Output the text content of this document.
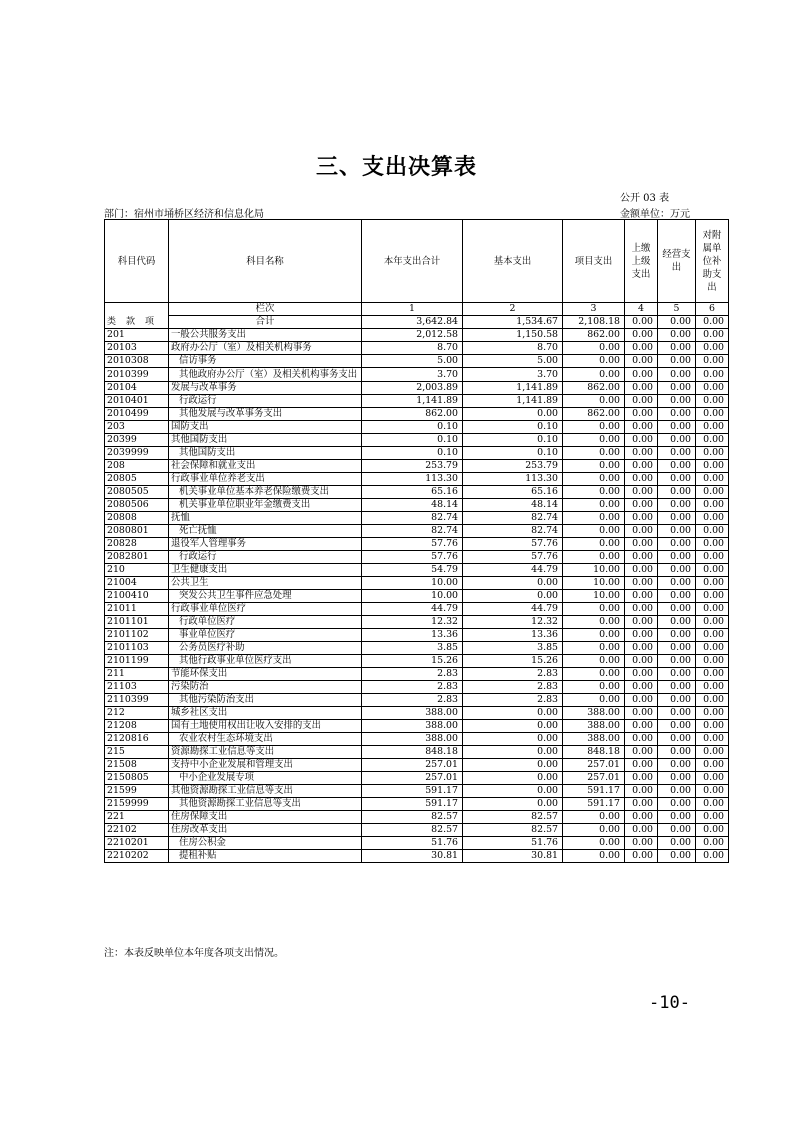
三、支出决算表
公开 03 表
部门：宿州市埇桥区经济和信息化局	金额单位：万元
科目代码	科目名称	本年支出合计	基本支出	项目支出	上缴上级支出	经营支出	对附属单位补助支出
类 款 项	栏次	1	2	3	4	5	6
	合计	3,642.84	1,534.67	2,108.18	0.00	0.00	0.00
201	一般公共服务支出	2,012.58	1,150.58	862.00	0.00	0.00	0.00
20103	政府办公厅（室）及相关机构事务	8.70	8.70	0.00	0.00	0.00	0.00
2010308	信访事务	5.00	5.00	0.00	0.00	0.00	0.00
2010399	其他政府办公厅（室）及相关机构事务支出	3.70	3.70	0.00	0.00	0.00	0.00
20104	发展与改革事务	2,003.89	1,141.89	862.00	0.00	0.00	0.00
2010401	行政运行	1,141.89	1,141.89	0.00	0.00	0.00	0.00
2010499	其他发展与改革事务支出	862.00	0.00	862.00	0.00	0.00	0.00
203	国防支出	0.10	0.10	0.00	0.00	0.00	0.00
20399	其他国防支出	0.10	0.10	0.00	0.00	0.00	0.00
2039999	其他国防支出	0.10	0.10	0.00	0.00	0.00	0.00
208	社会保障和就业支出	253.79	253.79	0.00	0.00	0.00	0.00
20805	行政事业单位养老支出	113.30	113.30	0.00	0.00	0.00	0.00
2080505	机关事业单位基本养老保险缴费支出	65.16	65.16	0.00	0.00	0.00	0.00
2080506	机关事业单位职业年金缴费支出	48.14	48.14	0.00	0.00	0.00	0.00
20808	抚恤	82.74	82.74	0.00	0.00	0.00	0.00
2080801	死亡抚恤	82.74	82.74	0.00	0.00	0.00	0.00
20828	退役军人管理事务	57.76	57.76	0.00	0.00	0.00	0.00
2082801	行政运行	57.76	57.76	0.00	0.00	0.00	0.00
210	卫生健康支出	54.79	44.79	10.00	0.00	0.00	0.00
21004	公共卫生	10.00	0.00	10.00	0.00	0.00	0.00
2100410	突发公共卫生事件应急处理	10.00	0.00	10.00	0.00	0.00	0.00
21011	行政事业单位医疗	44.79	44.79	0.00	0.00	0.00	0.00
2101101	行政单位医疗	12.32	12.32	0.00	0.00	0.00	0.00
2101102	事业单位医疗	13.36	13.36	0.00	0.00	0.00	0.00
2101103	公务员医疗补助	3.85	3.85	0.00	0.00	0.00	0.00
2101199	其他行政事业单位医疗支出	15.26	15.26	0.00	0.00	0.00	0.00
211	节能环保支出	2.83	2.83	0.00	0.00	0.00	0.00
21103	污染防治	2.83	2.83	0.00	0.00	0.00	0.00
2110399	其他污染防治支出	2.83	2.83	0.00	0.00	0.00	0.00
212	城乡社区支出	388.00	0.00	388.00	0.00	0.00	0.00
21208	国有土地使用权出让收入安排的支出	388.00	0.00	388.00	0.00	0.00	0.00
2120816	农业农村生态环境支出	388.00	0.00	388.00	0.00	0.00	0.00
215	资源勘探工业信息等支出	848.18	0.00	848.18	0.00	0.00	0.00
21508	支持中小企业发展和管理支出	257.01	0.00	257.01	0.00	0.00	0.00
2150805	中小企业发展专项	257.01	0.00	257.01	0.00	0.00	0.00
21599	其他资源勘探工业信息等支出	591.17	0.00	591.17	0.00	0.00	0.00
2159999	其他资源勘探工业信息等支出	591.17	0.00	591.17	0.00	0.00	0.00
221	住房保障支出	82.57	82.57	0.00	0.00	0.00	0.00
22102	住房改革支出	82.57	82.57	0.00	0.00	0.00	0.00
2210201	住房公积金	51.76	51.76	0.00	0.00	0.00	0.00
2210202	提租补贴	30.81	30.81	0.00	0.00	0.00	0.00
注：本表反映单位本年度各项支出情况。
-10-
